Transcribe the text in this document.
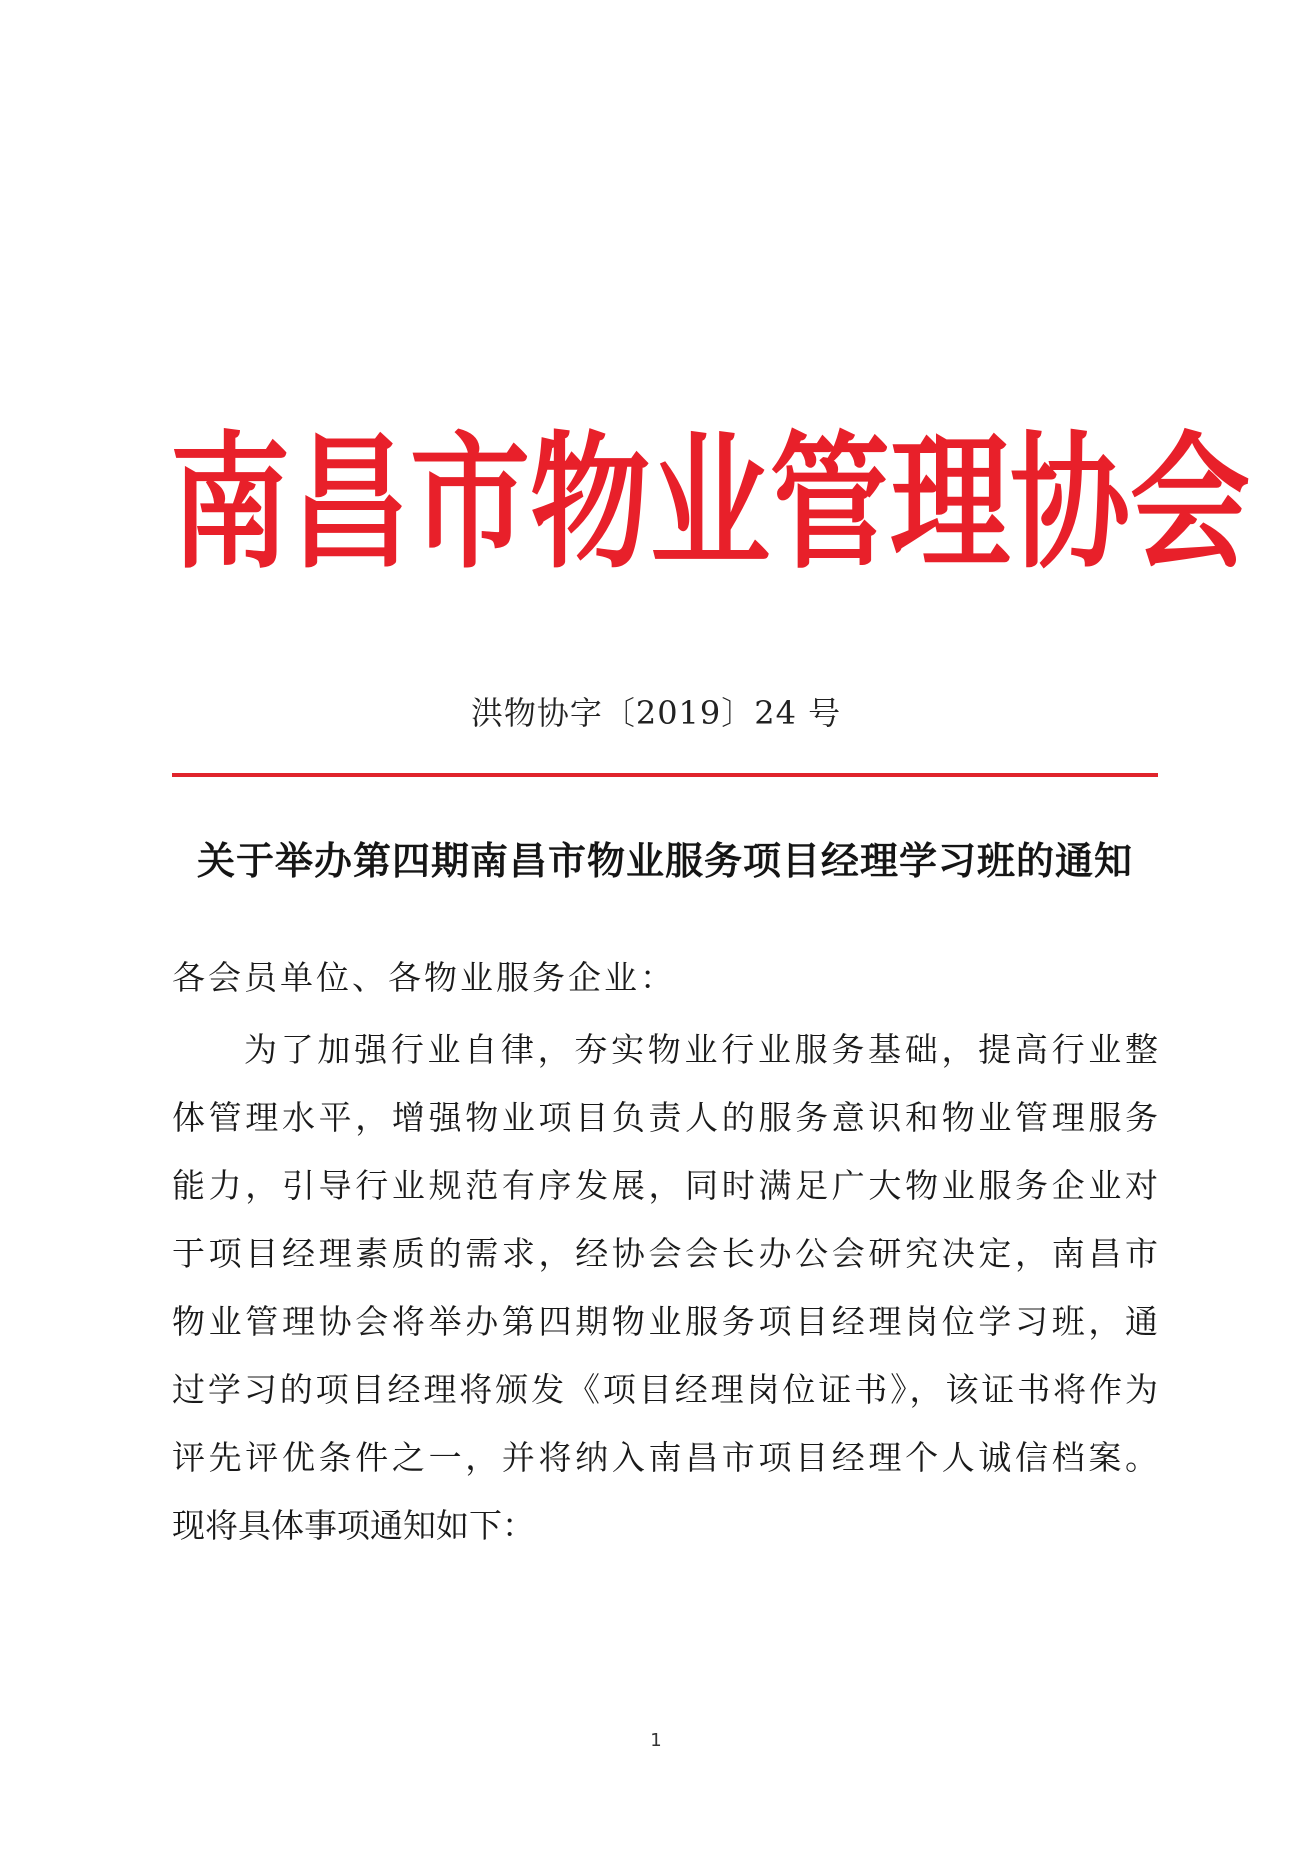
南 昌 市 物 业 管 理 协 会
洪物协字〔2019〕24 号
关于举办第四期南昌市物业服务项目经理学习班的通知
各会员单位、各物业服务企业：
为了加强行业自律，夯实物业行业服务基础，提高行业整
体管理水平，增强物业项目负责人的服务意识和物业管理服务
能力，引导行业规范有序发展，同时满足广大物业服务企业对
于项目经理素质的需求，经协会会长办公会研究决定，南昌市
物业管理协会将举办第四期物业服务项目经理岗位学习班，通
过学习的项目经理将颁发《项目经理岗位证书》，该证书将作为
评先评优条件之一，并将纳入南昌市项目经理个人诚信档案。
现将具体事项通知如下：
1
